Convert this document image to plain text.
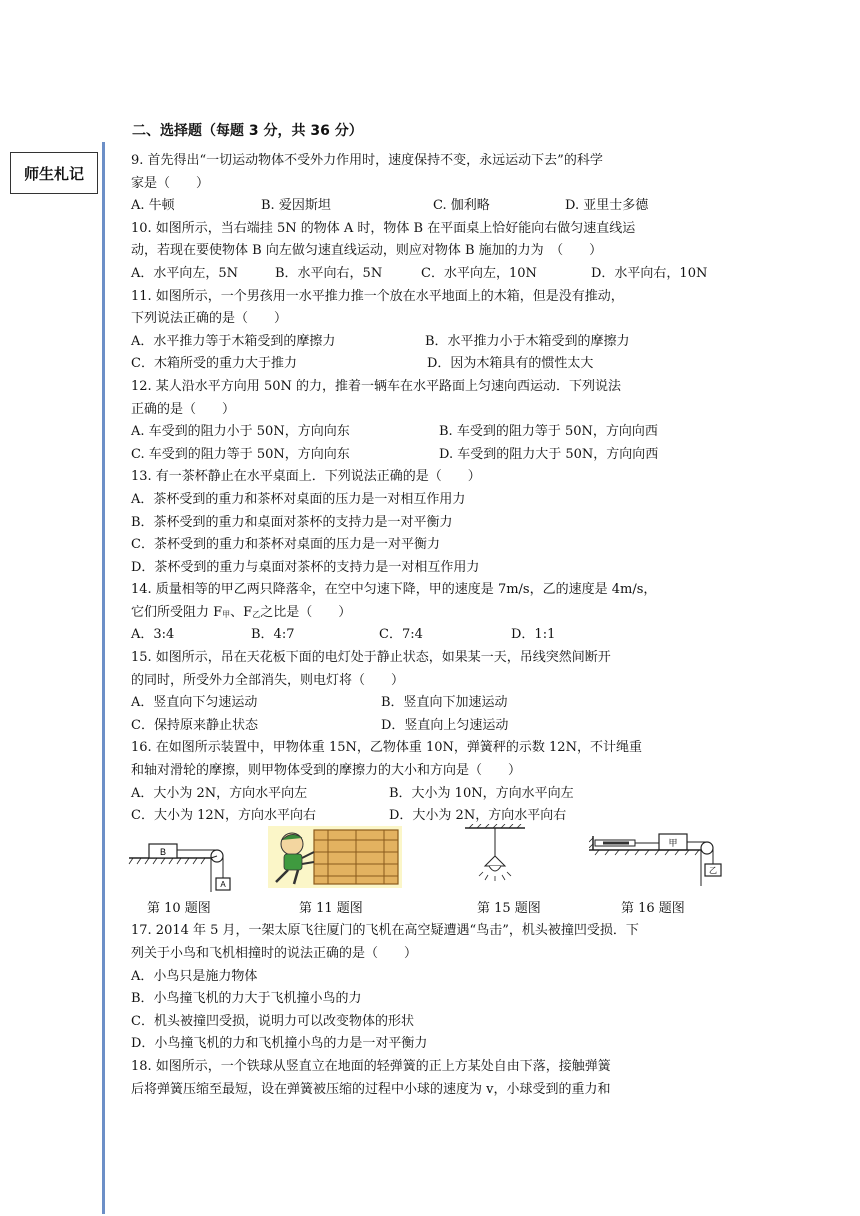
师生札记
二、选择题（每题 3 分，共 36 分）
9. 首先得出“一切运动物体不受外力作用时，速度保持不变，永远运动下去”的科学
家是（　　）
A. 牛顿	B. 爱因斯坦	C. 伽利略	D. 亚里士多德
10. 如图所示，当右端挂 5N 的物体 A 时，物体 B 在平面桌上恰好能向右做匀速直线运
动，若现在要使物体 B 向左做匀速直线运动，则应对物体 B 施加的力为　（　　）
A．水平向左，5N	B．水平向右，5N	C．水平向左，10N	D．水平向右，10N
11. 如图所示，一个男孩用一水平推力推一个放在水平地面上的木箱，但是没有推动，
下列说法正确的是（　　）
A．水平推力等于木箱受到的摩擦力	B．水平推力小于木箱受到的摩擦力
C．木箱所受的重力大于推力	D．因为木箱具有的惯性太大
12. 某人沿水平方向用 50N 的力，推着一辆车在水平路面上匀速向西运动．下列说法
正确的是（　　）
A. 车受到的阻力小于 50N，方向向东	B. 车受到的阻力等于 50N，方向向西
C. 车受到的阻力等于 50N，方向向东	D. 车受到的阻力大于 50N，方向向西
13. 有一茶杯静止在水平桌面上．下列说法正确的是（　　）
A．茶杯受到的重力和茶杯对桌面的压力是一对相互作用力
B．茶杯受到的重力和桌面对茶杯的支持力是一对平衡力
C．茶杯受到的重力和茶杯对桌面的压力是一对平衡力
D．茶杯受到的重力与桌面对茶杯的支持力是一对相互作用力
14. 质量相等的甲乙两只降落伞，在空中匀速下降，甲的速度是 7m/s，乙的速度是 4m/s，
它们所受阻力 $F_甲$、$F_乙$之比是（　　）
A．3:4	B．4:7	C．7:4	D．1:1
15. 如图所示，吊在天花板下面的电灯处于静止状态，如果某一天，吊线突然间断开
的同时，所受外力全部消失，则电灯将（　　）
A．竖直向下匀速运动	B．竖直向下加速运动
C．保持原来静止状态	D．竖直向上匀速运动
16. 在如图所示装置中，甲物体重 15N，乙物体重 10N，弹簧秤的示数 12N，不计绳重
和轴对滑轮的摩擦，则甲物体受到的摩擦力的大小和方向是（　　）
A．大小为 2N，方向水平向左	B．大小为 10N，方向水平向左
C．大小为 12N，方向水平向右	D．大小为 2N，方向水平向右
B
A
甲
乙
第 10 题图	第 11 题图	第 15 题图	第 16 题图
17. 2014 年 5 月，一架太原飞往厦门的飞机在高空疑遭遇“鸟击”，机头被撞凹受损．下
列关于小鸟和飞机相撞时的说法正确的是（　　）
A．小鸟只是施力物体
B．小鸟撞飞机的力大于飞机撞小鸟的力
C．机头被撞凹受损，说明力可以改变物体的形状
D．小鸟撞飞机的力和飞机撞小鸟的力是一对平衡力
18. 如图所示，一个铁球从竖直立在地面的轻弹簧的正上方某处自由下落，接触弹簧
后将弹簧压缩至最短，设在弹簧被压缩的过程中小球的速度为 v，小球受到的重力和
